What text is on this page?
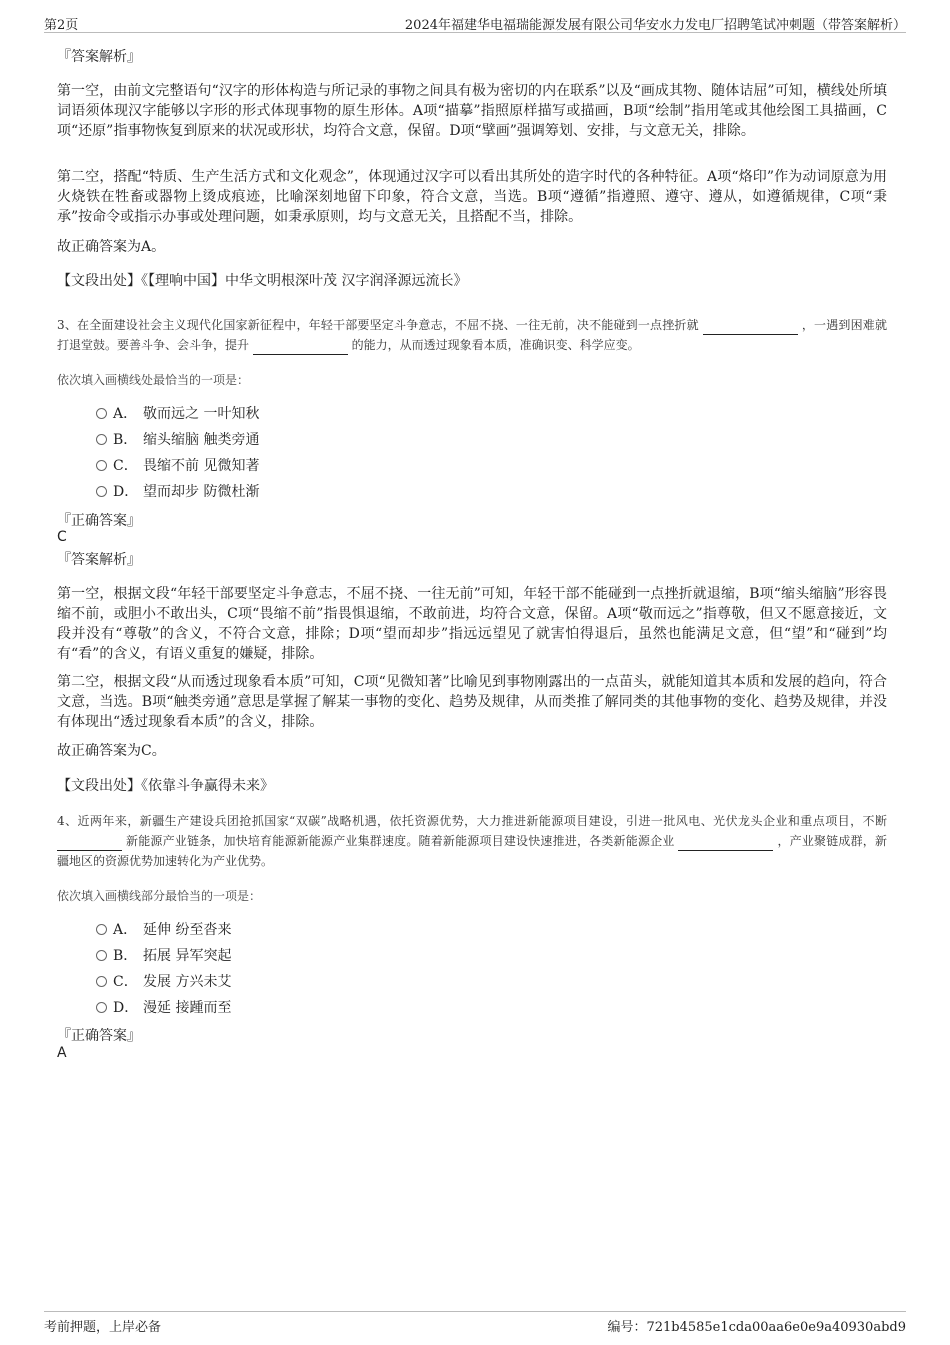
第2页	2024年福建华电福瑞能源发展有限公司华安水力发电厂招聘笔试冲刺题（带答案解析）
『答案解析』
第一空，由前文完整语句“汉字的形体构造与所记录的事物之间具有极为密切的内在联系”以及“画成其物、随体诘屈”可知，横线处所填词语须体现汉字能够以字形的形式体现事物的原生形体。A项“描摹”指照原样描写或描画，B项“绘制”指用笔或其他绘图工具描画，C项“还原”指事物恢复到原来的状况或形状，均符合文意，保留。D项“擘画”强调筹划、安排，与文意无关，排除。
第二空，搭配“特质、生产生活方式和文化观念”，体现通过汉字可以看出其所处的造字时代的各种特征。A项“烙印”作为动词原意为用火烧铁在牲畜或器物上烫成痕迹，比喻深刻地留下印象，符合文意，当选。B项“遵循”指遵照、遵守、遵从，如遵循规律，C项“秉承”按命令或指示办事或处理问题，如秉承原则，均与文意无关，且搭配不当，排除。
故正确答案为A。
【文段出处】《【理响中国】中华文明根深叶茂 汉字润泽源远流长》
3、在全面建设社会主义现代化国家新征程中，年轻干部要坚定斗争意志，不屈不挠、一往无前，决不能碰到一点挫折就	，一遇到困难就打退堂鼓。要善斗争、会斗争，提升	的能力，从而透过现象看本质，准确识变、科学应变。
依次填入画横线处最恰当的一项是：
A． 敬而远之 一叶知秋
B． 缩头缩脑 触类旁通
C． 畏缩不前 见微知著
D． 望而却步 防微杜渐
『正确答案』
C
『答案解析』
第一空，根据文段“年轻干部要坚定斗争意志，不屈不挠、一往无前”可知，年轻干部不能碰到一点挫折就退缩，B项“缩头缩脑”形容畏缩不前，或胆小不敢出头，C项“畏缩不前”指畏惧退缩，不敢前进，均符合文意，保留。A项“敬而远之”指尊敬，但又不愿意接近，文段并没有“尊敬”的含义，不符合文意，排除；D项“望而却步”指远远望见了就害怕得退后，虽然也能满足文意，但“望”和“碰到”均有“看”的含义，有语义重复的嫌疑，排除。
第二空，根据文段“从而透过现象看本质”可知，C项“见微知著”比喻见到事物刚露出的一点苗头，就能知道其本质和发展的趋向，符合文意，当选。B项“触类旁通”意思是掌握了解某一事物的变化、趋势及规律，从而类推了解同类的其他事物的变化、趋势及规律，并没有体现出“透过现象看本质”的含义，排除。
故正确答案为C。
【文段出处】《依靠斗争赢得未来》
4、近两年来，新疆生产建设兵团抢抓国家“双碳”战略机遇，依托资源优势，大力推进新能源项目建设，引进一批风电、光伏龙头企业和重点项目，不断  新能源产业链条，加快培育能源新能源产业集群速度。随着新能源项目建设快速推进，各类新能源企业	，产业聚链成群，新疆地区的资源优势加速转化为产业优势。
依次填入画横线部分最恰当的一项是：
A． 延伸 纷至沓来
B． 拓展 异军突起
C． 发展 方兴未艾
D． 漫延 接踵而至
『正确答案』
A
考前押题，上岸必备	编号：721b4585e1cda00aa6e0e9a40930abd9
